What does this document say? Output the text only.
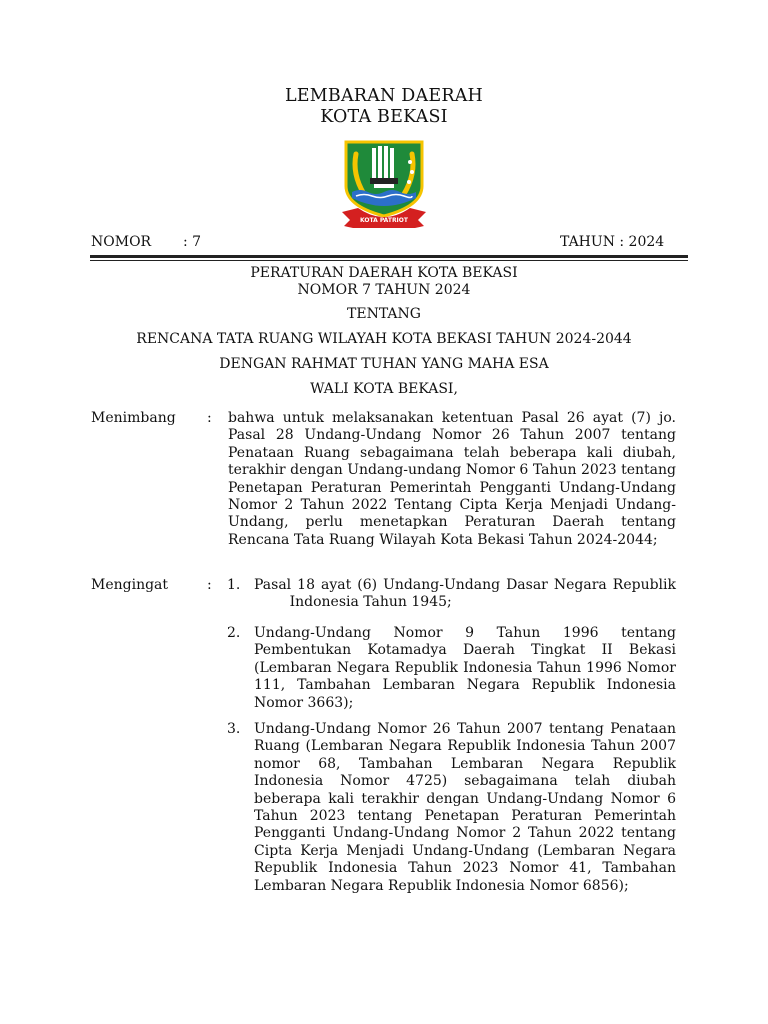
LEMBARAN DAERAH
KOTA BEKASI
KOTA PATRIOT
NOMOR : 7	TAHUN : 2024
PERATURAN DAERAH KOTA BEKASI
NOMOR 7 TAHUN 2024
TENTANG
RENCANA TATA RUANG WILAYAH KOTA BEKASI TAHUN 2024-2044
DENGAN RAHMAT TUHAN YANG MAHA ESA
WALI KOTA BEKASI,
Menimbang : bahwa untuk melaksanakan ketentuan Pasal 26 ayat (7) jo. Pasal 28 Undang-Undang Nomor 26 Tahun 2007 tentang Penataan Ruang sebagaimana telah beberapa kali diubah, terakhir dengan Undang-undang Nomor 6 Tahun 2023 tentang Penetapan Peraturan Pemerintah Pengganti Undang-Undang Nomor 2 Tahun 2022 Tentang Cipta Kerja Menjadi Undang-Undang, perlu menetapkan Peraturan Daerah tentang Rencana Tata Ruang Wilayah Kota Bekasi Tahun 2024-2044;

Mengingat	: 1. Pasal 18 ayat (6) Undang-Undang Dasar Negara Republik         Indonesia Tahun 1945;

2. Undang-Undang Nomor 9 Tahun 1996 tentang Pembentukan Kotamadya Daerah Tingkat II Bekasi (Lembaran Negara Republik Indonesia Tahun 1996 Nomor 111, Tambahan Lembaran Negara Republik Indonesia Nomor 3663);

3. Undang-Undang Nomor 26 Tahun 2007 tentang Penataan Ruang (Lembaran Negara Republik Indonesia Tahun 2007 nomor 68, Tambahan Lembaran Negara Republik Indonesia Nomor 4725) sebagaimana telah diubah beberapa kali terakhir dengan Undang-Undang Nomor 6 Tahun 2023 tentang Penetapan Peraturan Pemerintah Pengganti Undang-Undang Nomor 2 Tahun 2022 tentang Cipta Kerja Menjadi Undang-Undang (Lembaran Negara Republik Indonesia Tahun 2023 Nomor 41, Tambahan Lembaran Negara Republik Indonesia Nomor 6856);
